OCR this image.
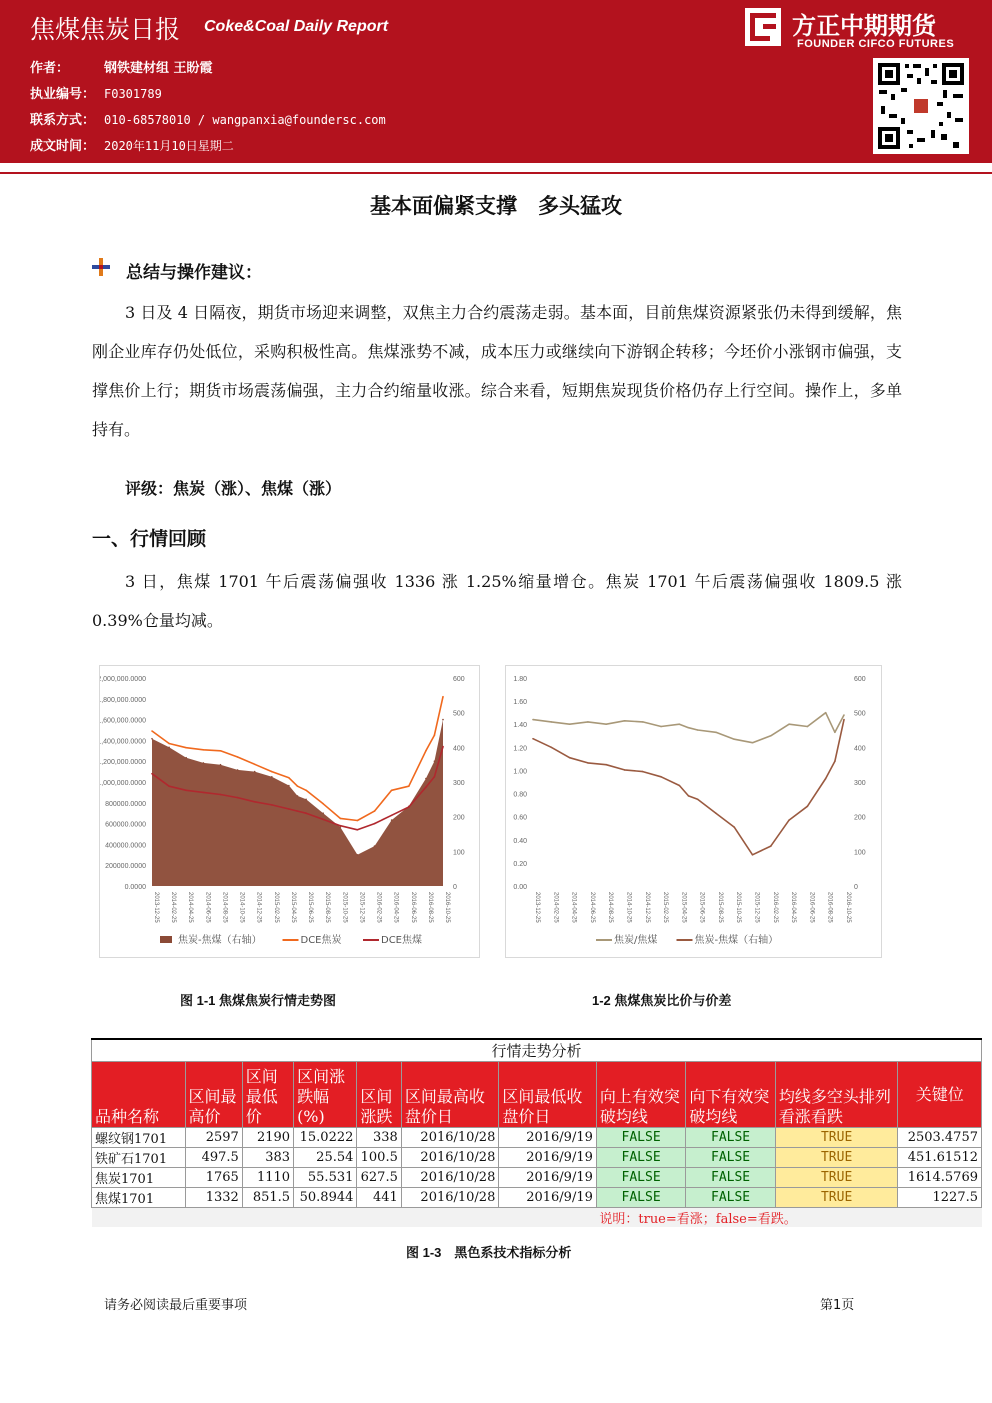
焦煤焦炭日报 Coke&Coal Daily Report
作者：	钢铁建材组 王盼霞
执业编号： F0301789
联系方式： 010-68578010 / wangpanxia@foundersc.com
成文时间： 2020年11月10日星期二
方正中期期货
FOUNDER CIFCO FUTURES
基本面偏紧支撑　多头猛攻
总结与操作建议：
3 日及 4 日隔夜，期货市场迎来调整，双焦主力合约震荡走弱。基本面，目前焦煤资源紧张仍未得到缓解，焦刚企业库存仍处低位，采购积极性高。焦煤涨势不减，成本压力或继续向下游钢企转移；今坯价小涨钢市偏强，支撑焦价上行；期货市场震荡偏强，主力合约缩量收涨。综合来看，短期焦炭现货价格仍存上行空间。操作上，多单持有。
评级：焦炭（涨）、焦煤（涨）
一、行情回顾
3 日，焦煤 1701 午后震荡偏强收 1336 涨 1.25%缩量增仓。焦炭 1701 午后震荡偏强收 1809.5 涨 0.39%仓量均减。
0.0000
200000.0000
400000.0000
600000.0000
800000.0000
1,000,000.0000
1,200,000.0000
1,400,000.0000
1,600,000.0000
1,800,000.0000
2,000,000.0000
0
100
200
300
400
500
600
2013-12-25 2014-02-25 2014-04-25 2014-06-25 2014-08-25 2014-10-25 2014-12-25 2015-02-25 2015-04-25 2015-06-25 2015-08-25 2015-10-25 2015-12-25 2016-02-25 2016-04-25 2016-06-25 2016-08-25 2016-10-25
焦炭-焦煤（右轴）	DCE焦炭	DCE焦煤
0.00
0.20
0.40
0.60
0.80
1.00
1.20
1.40
1.60
1.80
0
100
200
300
400
500
600
2013-12-25 2014-02-25 2014-04-25 2014-06-25 2014-08-25 2014-10-25 2014-12-25 2015-02-25 2015-04-25 2015-06-25 2015-08-25 2015-10-25 2015-12-25 2016-02-25 2016-04-25 2016-06-25 2016-08-25 2016-10-25
焦炭/焦煤	焦炭-焦煤（右轴）
图 1-1 焦煤焦炭行情走势图	1-2 焦煤焦炭比价与价差
行情走势分析										
品种名称	区间最高价	区间最低价	区间涨跌幅(%)	区间涨跌	区间最高收盘价日	区间最低收盘价日	向上有效突破均线	向下有效突破均线	均线多空头排列看涨看跌	关键位
螺纹钢1701	2597	2190	15.0222	338	2016/10/28	2016/9/19	FALSE	FALSE	TRUE	2503.4757
铁矿石1701	497.5	383	25.54	100.5	2016/10/28	2016/9/19	FALSE	FALSE	TRUE	451.61512
焦炭1701	1765	1110	55.531	627.5	2016/10/28	2016/9/19	FALSE	FALSE	TRUE	1614.5769
焦煤1701	1332	851.5	50.8944	441	2016/10/28	2016/9/19	FALSE	FALSE	TRUE	1227.5
							说明：true=看涨；false=看跌。			
图 1-3　黑色系技术指标分析
请务必阅读最后重要事项	第1页
